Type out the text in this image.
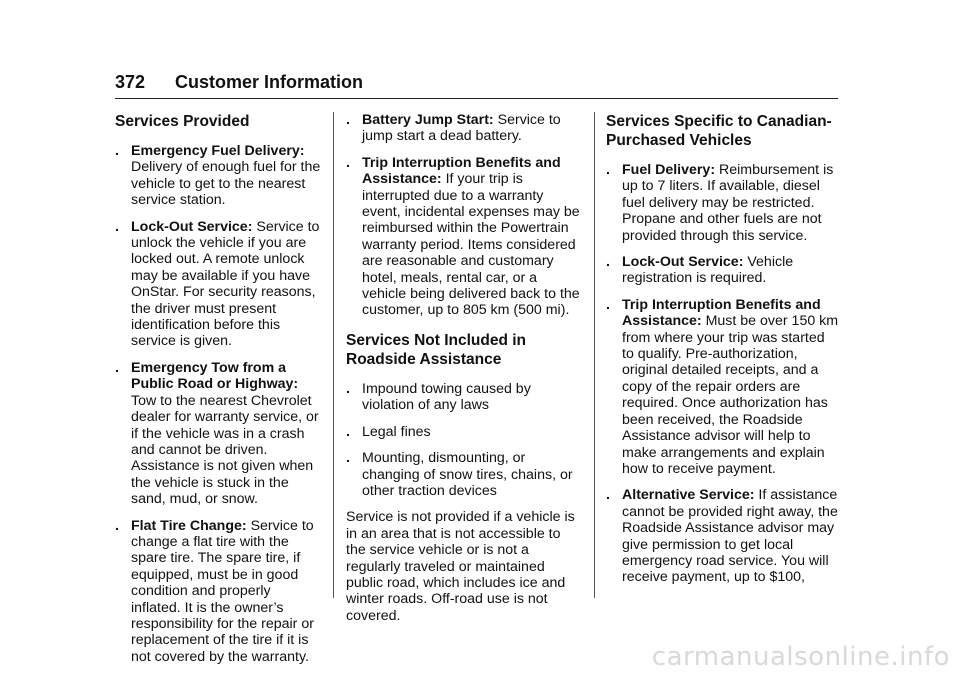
372 Customer Information
Services Provided
. Emergency Fuel Delivery: Delivery of enough fuel for the vehicle to get to the nearest service station.
. Lock-Out Service: Service to unlock the vehicle if you are locked out. A remote unlock may be available if you have OnStar. For security reasons, the driver must present identification before this service is given.
. Emergency Tow from a Public Road or Highway: Tow to the nearest Chevrolet dealer for warranty service, or if the vehicle was in a crash and cannot be driven. Assistance is not given when the vehicle is stuck in the sand, mud, or snow.
. Flat Tire Change: Service to change a flat tire with the spare tire. The spare tire, if equipped, must be in good condition and properly inflated. It is the owner’s responsibility for the repair or replacement of the tire if it is not covered by the warranty.
. Battery Jump Start: Service to jump start a dead battery.
. Trip Interruption Benefits and Assistance: If your trip is interrupted due to a warranty event, incidental expenses may be reimbursed within the Powertrain warranty period. Items considered are reasonable and customary hotel, meals, rental car, or a vehicle being delivered back to the customer, up to 805 km (500 mi).
Services Not Included in Roadside Assistance
. Impound towing caused by violation of any laws
. Legal fines
. Mounting, dismounting, or changing of snow tires, chains, or other traction devices

Service is not provided if a vehicle is in an area that is not accessible to the service vehicle or is not a regularly traveled or maintained public road, which includes ice and winter roads. Off-road use is not covered.

Services Specific to Canadian-Purchased Vehicles
. Fuel Delivery: Reimbursement is up to 7 liters. If available, diesel fuel delivery may be restricted. Propane and other fuels are not provided through this service.
. Lock-Out Service: Vehicle registration is required.
. Trip Interruption Benefits and Assistance: Must be over 150 km from where your trip was started to qualify. Pre-authorization, original detailed receipts, and a copy of the repair orders are required. Once authorization has been received, the Roadside Assistance advisor will help to make arrangements and explain how to receive payment.
. Alternative Service: If assistance cannot be provided right away, the Roadside Assistance advisor may give permission to get local emergency road service. You will receive payment, up to $100,
carmanualsonline.info
